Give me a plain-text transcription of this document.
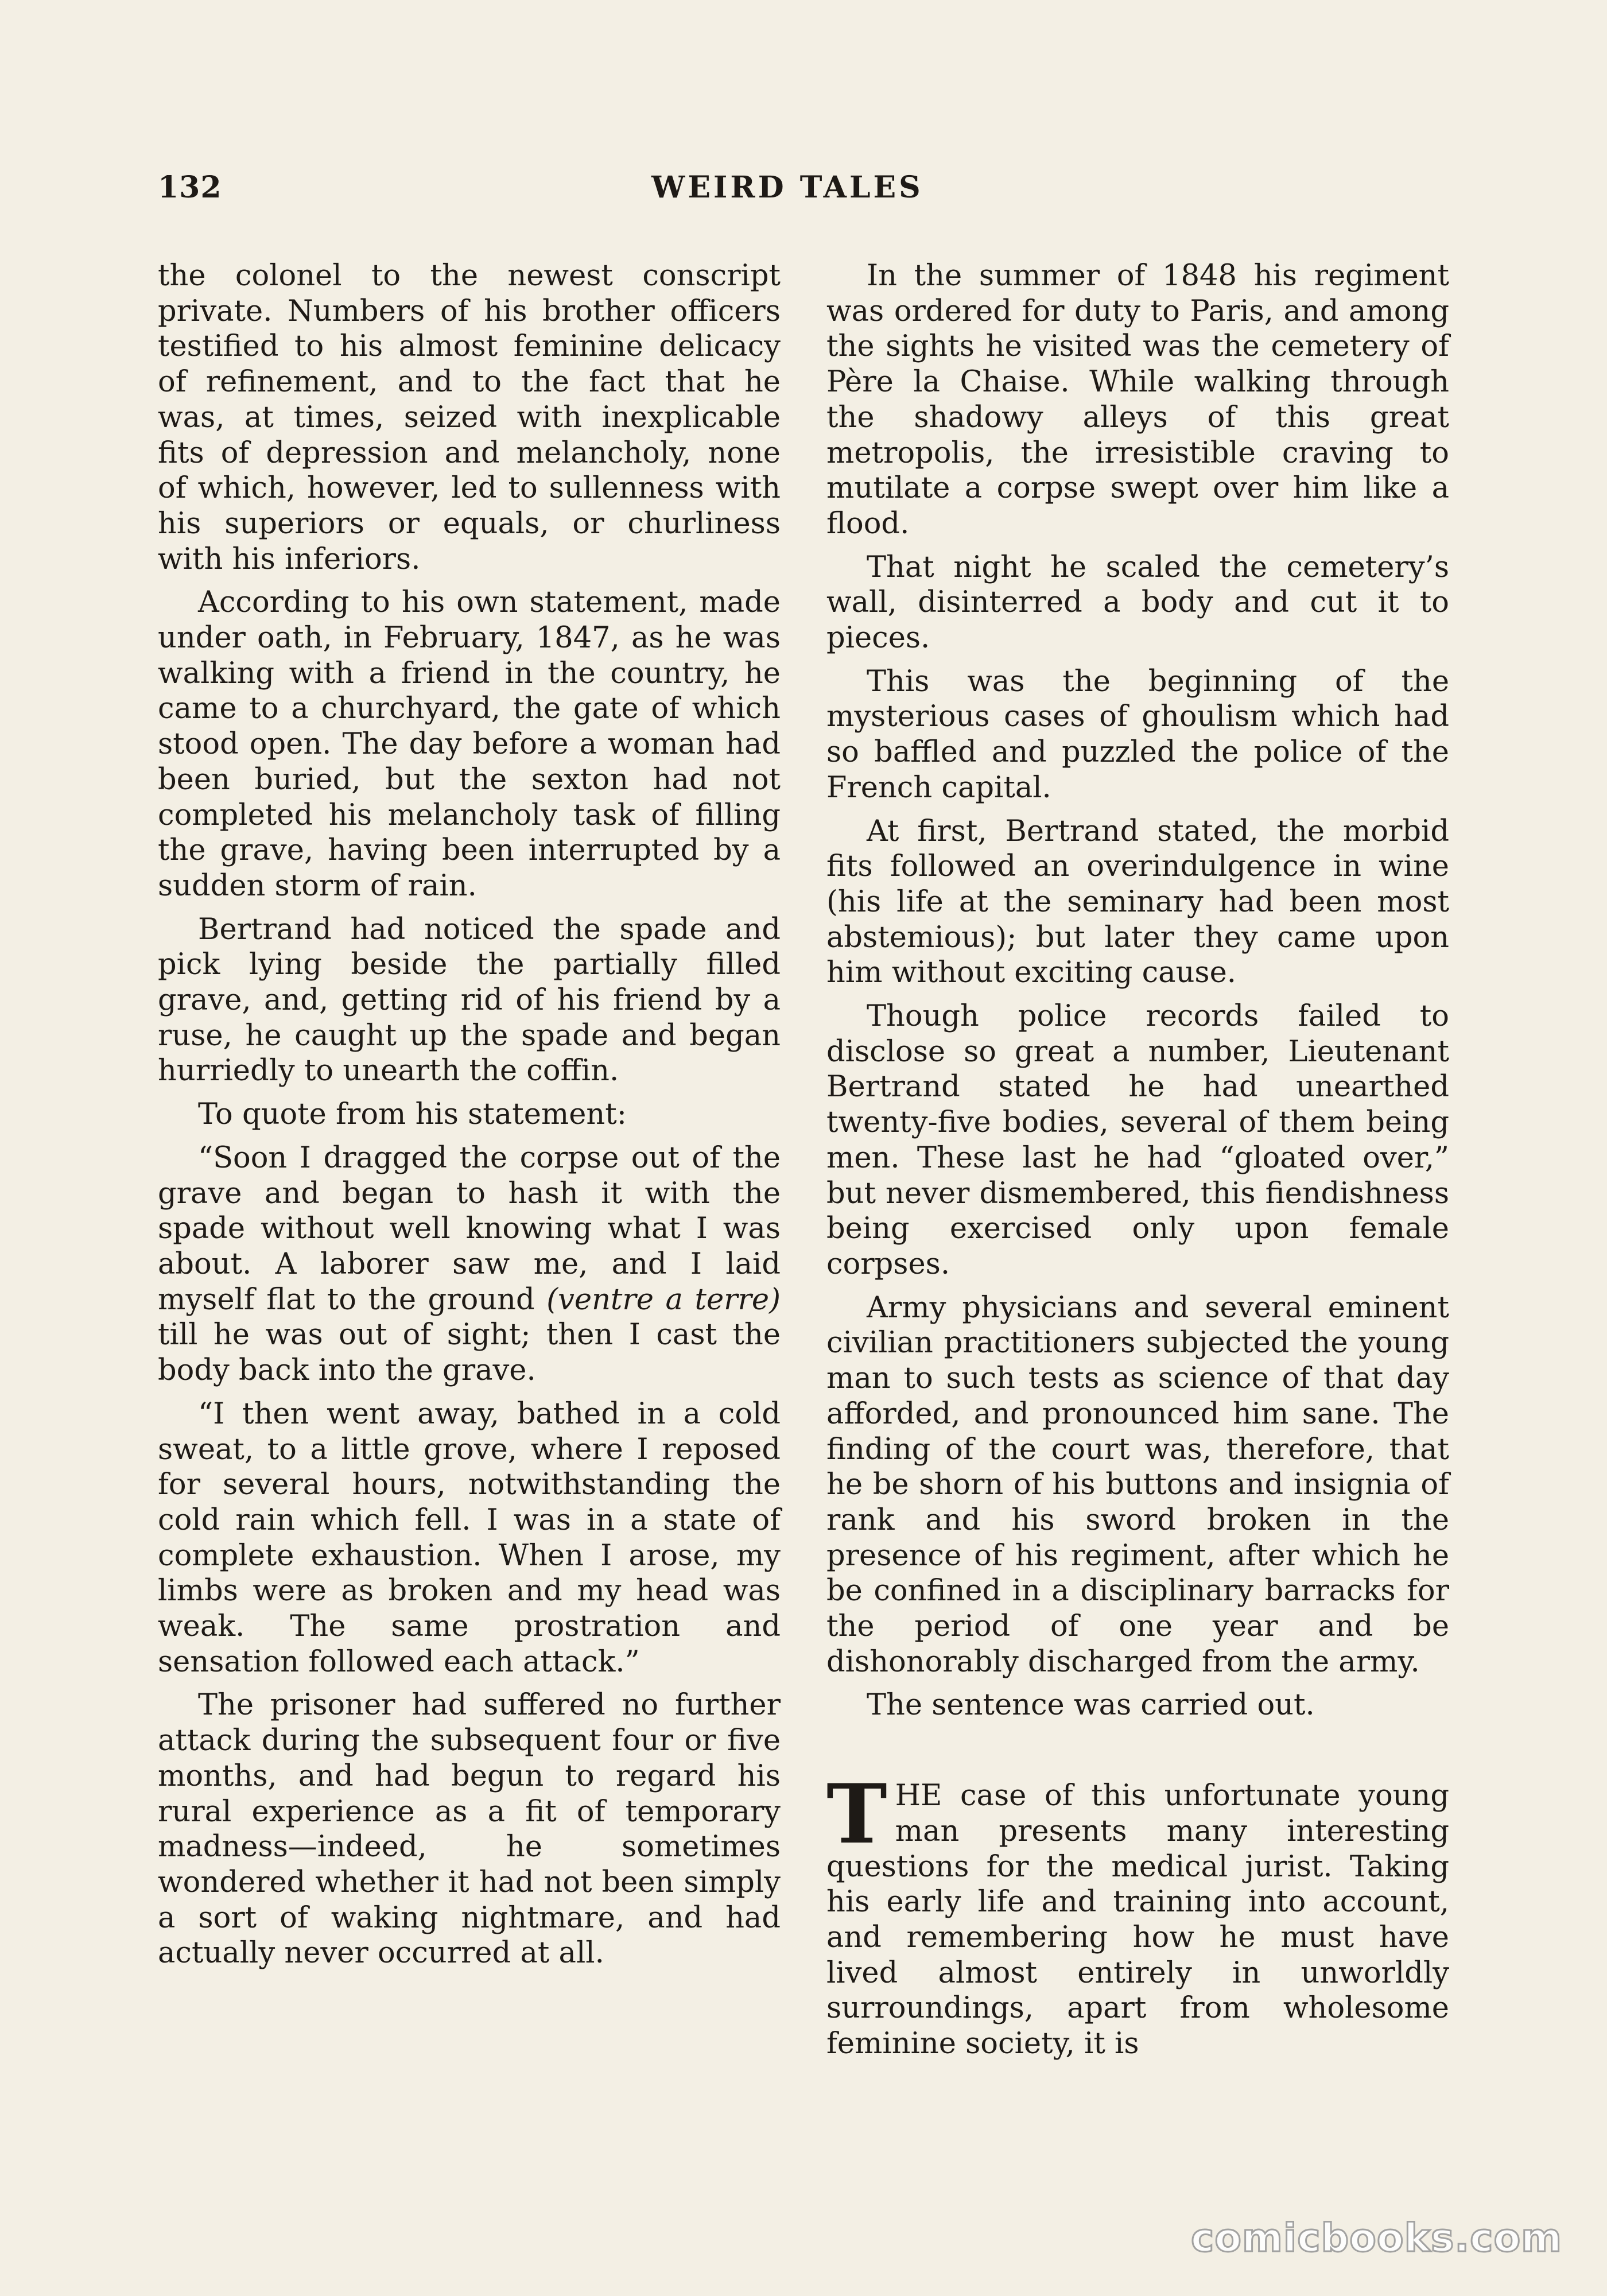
132	WEIRD TALES

the colonel to the newest conscript private. Numbers of his brother officers testified to his almost feminine delicacy of refinement, and to the fact that he was, at times, seized with inexplicable fits of depression and melancholy, none of which, however, led to sullenness with his superiors or equals, or churliness with his inferiors.

According to his own statement, made under oath, in February, 1847, as he was walking with a friend in the country, he came to a churchyard, the gate of which stood open. The day before a woman had been buried, but the sexton had not completed his melancholy task of filling the grave, having been interrupted by a sudden storm of rain.

Bertrand had noticed the spade and pick lying beside the partially filled grave, and, getting rid of his friend by a ruse, he caught up the spade and began hurriedly to unearth the coffin.

To quote from his statement:

“Soon I dragged the corpse out of the grave and began to hash it with the spade without well knowing what I was about. A laborer saw me, and I laid myself flat to the ground (ventre a terre) till he was out of sight; then I cast the body back into the grave.

“I then went away, bathed in a cold sweat, to a little grove, where I reposed for several hours, notwithstanding the cold rain which fell. I was in a state of complete exhaustion. When I arose, my limbs were as broken and my head was weak. The same prostration and sensation followed each attack.”

The prisoner had suffered no further attack during the subsequent four or five months, and had begun to regard his rural experience as a fit of temporary madness—indeed, he sometimes wondered whether it had not been simply a sort of waking nightmare, and had actually never occurred at all.

In the summer of 1848 his regiment was ordered for duty to Paris, and among the sights he visited was the cemetery of Père la Chaise. While walking through the shadowy alleys of this great metropolis, the irresistible craving to mutilate a corpse swept over him like a flood.

That night he scaled the cemetery’s wall, disinterred a body and cut it to pieces.

This was the beginning of the mysterious cases of ghoulism which had so baffled and puzzled the police of the French capital.

At first, Bertrand stated, the morbid fits followed an overindulgence in wine (his life at the seminary had been most abstemious); but later they came upon him without exciting cause.

Though police records failed to disclose so great a number, Lieutenant Bertrand stated he had unearthed twenty-five bodies, several of them being men. These last he had “gloated over,” but never dismembered, this fiendishness being exercised only upon female corpses.

Army physicians and several eminent civilian practitioners subjected the young man to such tests as science of that day afforded, and pronounced him sane. The finding of the court was, therefore, that he be shorn of his buttons and insignia of rank and his sword broken in the presence of his regiment, after which he be confined in a disciplinary barracks for the period of one year and be dishonorably discharged from the army.

The sentence was carried out.

THE case of this unfortunate young man presents many interesting questions for the medical jurist. Taking his early life and training into account, and remembering how he must have lived almost entirely in unworldly surroundings, apart from wholesome feminine society, it is

comicbooks.com
